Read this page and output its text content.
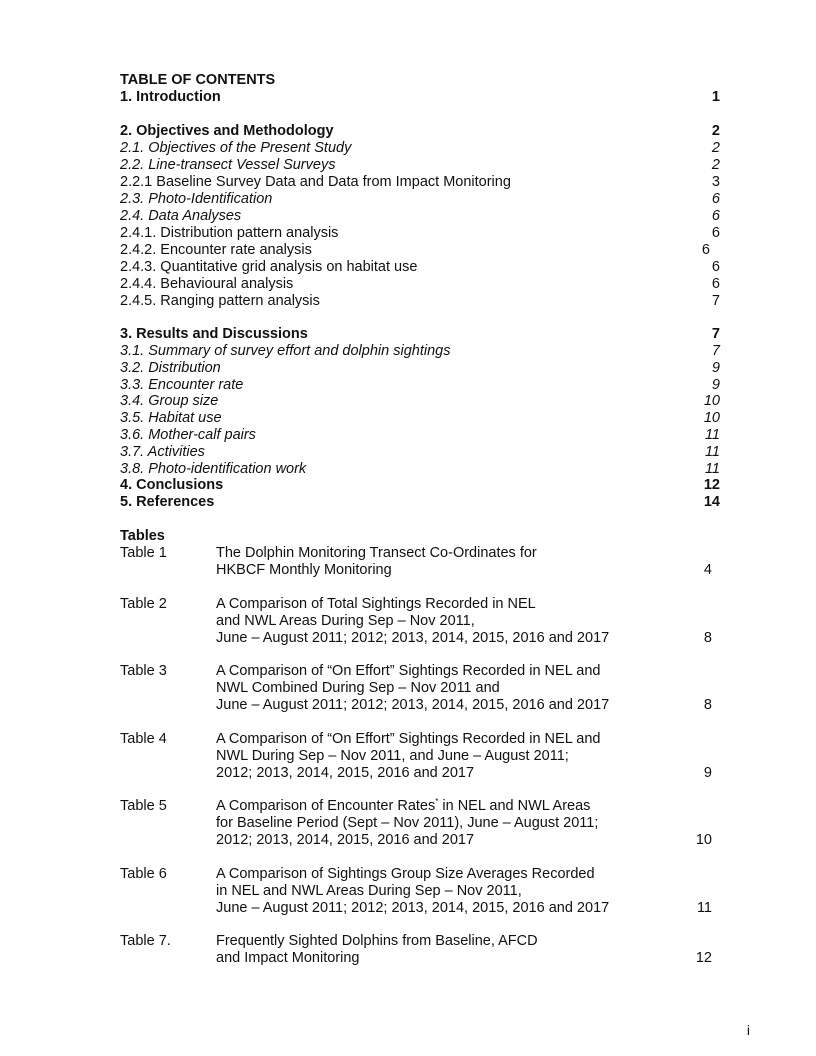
TABLE OF CONTENTS
1. Introduction	1
2. Objectives and Methodology	2
2.1. Objectives of the Present Study	2
2.2. Line-transect Vessel Surveys	2
2.2.1 Baseline Survey Data and Data from Impact Monitoring	3
2.3. Photo-Identification	6
2.4. Data Analyses	6
2.4.1. Distribution pattern analysis	6
2.4.2. Encounter rate analysis	6
2.4.3. Quantitative grid analysis on habitat use	6
2.4.4. Behavioural analysis	6
2.4.5. Ranging pattern analysis	7
3. Results and Discussions	7
3.1. Summary of survey effort and dolphin sightings	7
3.2. Distribution	9
3.3. Encounter rate	9
3.4. Group size	10
3.5. Habitat use	10
3.6. Mother-calf pairs	11
3.7. Activities	11
3.8. Photo-identification work	11
4. Conclusions	12
5. References	14
Tables
Table 1	The Dolphin Monitoring Transect Co-Ordinates for
HKBCF Monthly Monitoring	4
Table 2	A Comparison of Total Sightings Recorded in NEL
and NWL Areas During Sep – Nov 2011,
June – August 2011; 2012; 2013, 2014, 2015, 2016 and 2017	8
Table 3	A Comparison of “On Effort” Sightings Recorded in NEL and
NWL Combined During Sep – Nov 2011 and
June – August 2011; 2012; 2013, 2014, 2015, 2016 and 2017	8
Table 4	A Comparison of “On Effort” Sightings Recorded in NEL and
NWL During Sep – Nov 2011, and June – August 2011;
2012; 2013, 2014, 2015, 2016 and 2017	9
Table 5	A Comparison of Encounter Rates* in NEL and NWL Areas
for Baseline Period (Sept – Nov 2011), June – August 2011;
2012; 2013, 2014, 2015, 2016 and 2017	10
Table 6	A Comparison of Sightings Group Size Averages Recorded
in NEL and NWL Areas During Sep – Nov 2011,
June – August 2011; 2012; 2013, 2014, 2015, 2016 and 2017	11
Table 7.	Frequently Sighted Dolphins from Baseline, AFCD
and Impact Monitoring	12
i
